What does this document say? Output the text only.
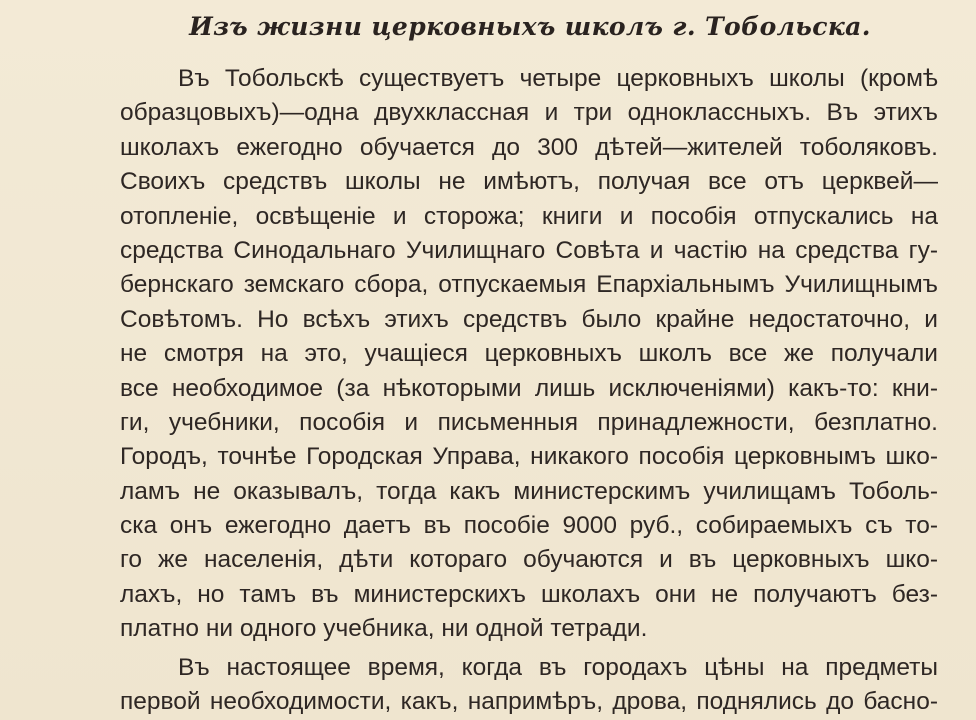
Изъ жизни церковныхъ школъ г. Тобольска.
Въ Тобольскѣ существуетъ четыре церковныхъ школы (кромѣ
образцовыхъ)—одна двухклассная и три одноклассныхъ. Въ этихъ
школахъ ежегодно обучается до 300 дѣтей—жителей тоболяковъ.
Своихъ средствъ школы не имѣютъ, получая все отъ церквей—
отопленіе, освѣщеніе и сторожа; книги и пособія отпускались на
средства Синодальнаго Училищнаго Совѣта и частію на средства гу-
бернскаго земскаго сбора, отпускаемыя Епархіальнымъ Училищнымъ
Совѣтомъ. Но всѣхъ этихъ средствъ было крайне недостаточно, и
не смотря на это, учащіеся церковныхъ школъ все же получали
все необходимое (за нѣкоторыми лишь исключеніями) какъ-то: кни-
ги, учебники, пособія и письменныя принадлежности, безплатно.
Городъ, точнѣе Городская Управа, никакого пособія церковнымъ шко-
ламъ не оказывалъ, тогда какъ министерскимъ училищамъ Тоболь-
ска онъ ежегодно даетъ въ пособіе 9000 руб., собираемыхъ съ то-
го же населенія, дѣти котораго обучаются и въ церковныхъ шко-
лахъ, но тамъ въ министерскихъ школахъ они не получаютъ без-
платно ни одного учебника, ни одной тетради.
Въ настоящее время, когда въ городахъ цѣны на предметы
первой необходимости, какъ, напримѣръ, дрова, поднялись до басно-
